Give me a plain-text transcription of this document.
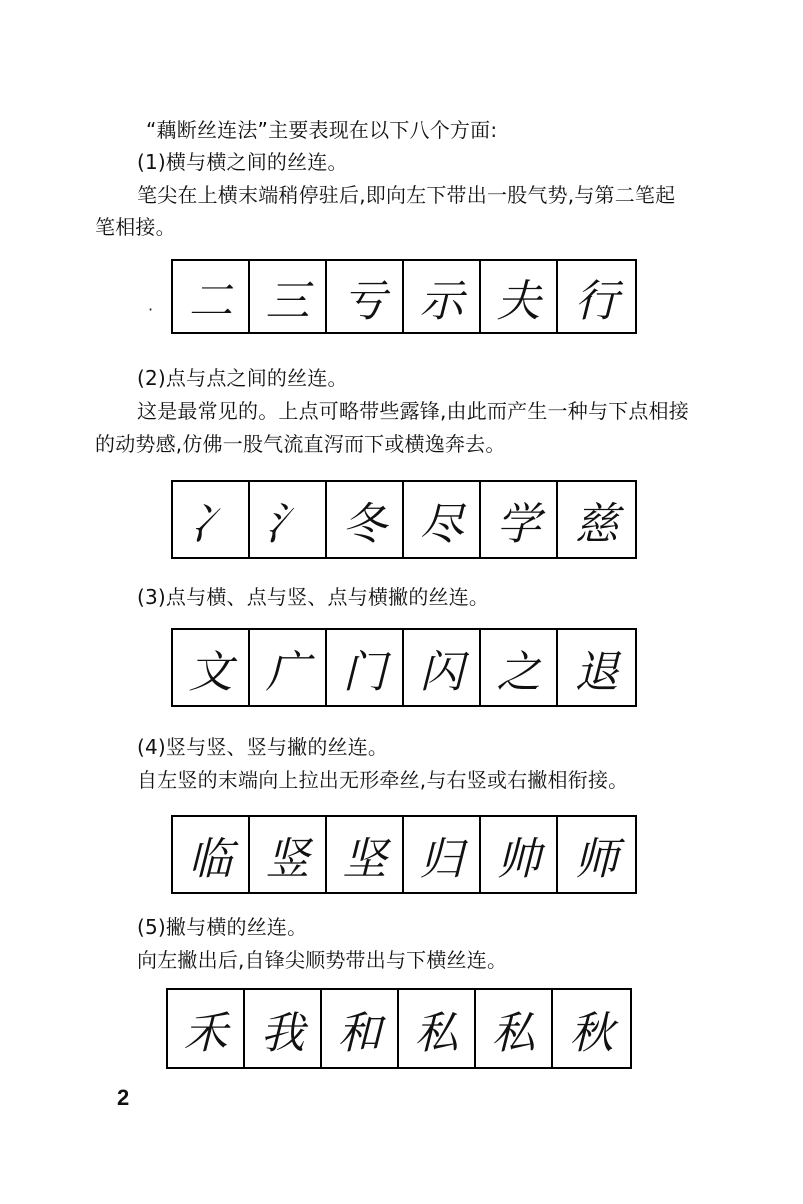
“藕断丝连法”主要表现在以下八个方面:
(1)横与横之间的丝连。
笔尖在上横末端稍停驻后,即向左下带出一股气势,与第二笔起
笔相接。
· 二 三 亏 示 夫 行
(2)点与点之间的丝连。
这是最常见的。上点可略带些露锋,由此而产生一种与下点相接
的动势感,仿佛一股气流直泻而下或横逸奔去。
冫 氵 冬 尽 学 慈
(3)点与横、点与竖、点与横撇的丝连。
文 广 门 闪 之 退
(4)竖与竖、竖与撇的丝连。
自左竖的末端向上拉出无形牵丝,与右竖或右撇相衔接。
临 竖 坚 归 帅 师
(5)撇与横的丝连。
向左撇出后,自锋尖顺势带出与下横丝连。
禾 我 和 私 私 秋
2
